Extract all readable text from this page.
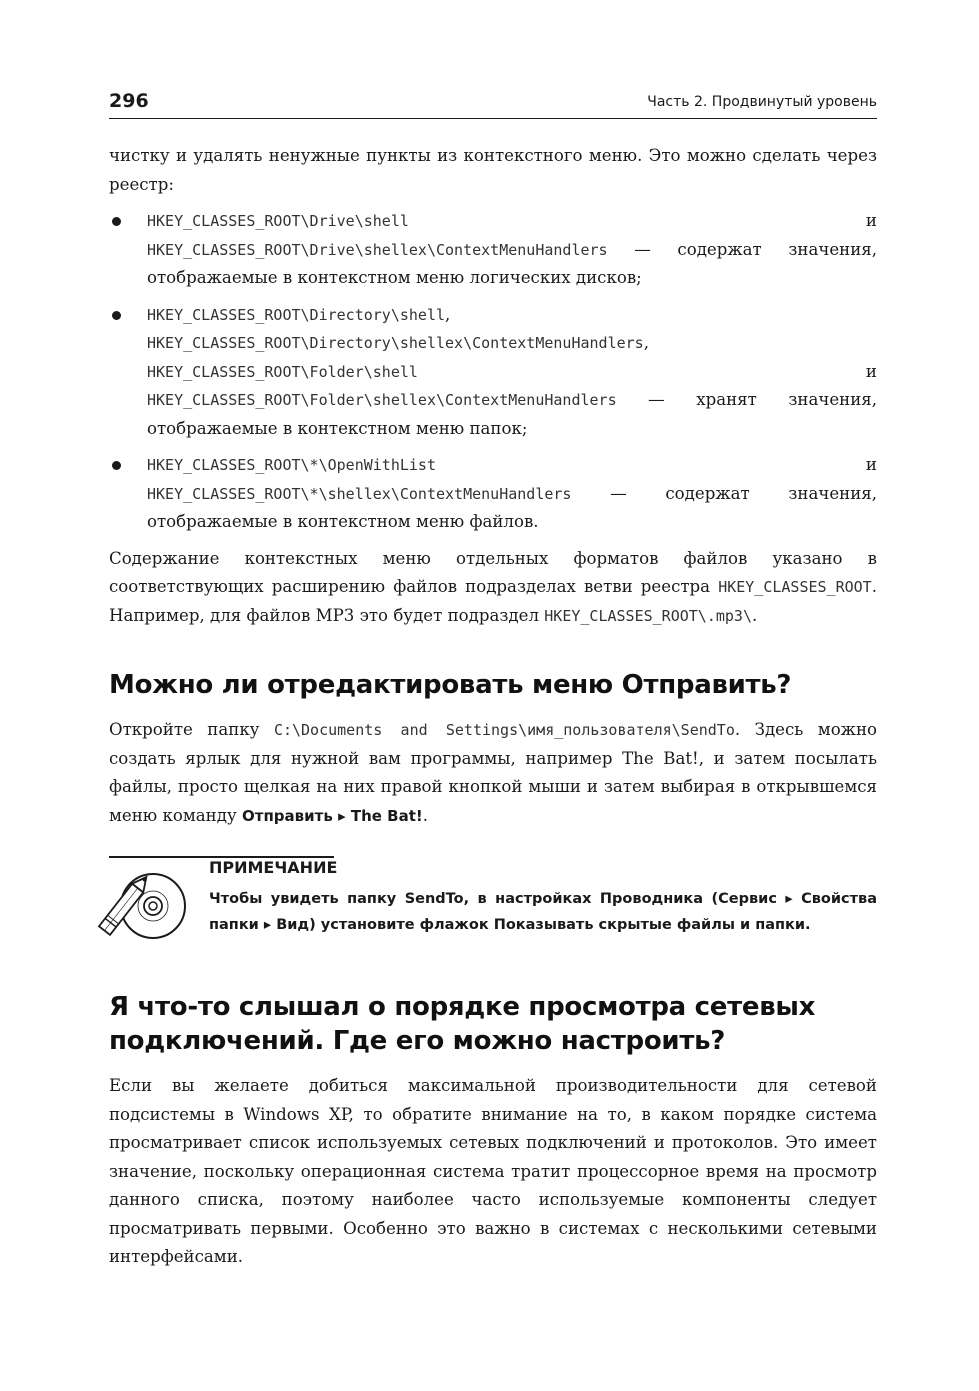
296	Часть 2. Продвинутый уровень

чистку и удалять ненужные пункты из контекстного меню. Это можно сделать через реестр:

HKEY_CLASSES_ROOT\Drive\shell и HKEY_CLASSES_ROOT\Drive\shellex\ContextMenuHandlers — содержат значения, отображаемые в контекстном меню логических дисков;
HKEY_CLASSES_ROOT\Directory\shell, HKEY_CLASSES_ROOT\Directory\shellex\ContextMenuHandlers, HKEY_CLASSES_ROOT\Folder\shell и HKEY_CLASSES_ROOT\Folder\shellex\ContextMenuHandlers — хранят значения, отображаемые в контекстном меню папок;
HKEY_CLASSES_ROOT\*\OpenWithList и HKEY_CLASSES_ROOT\*\shellex\ContextMenuHandlers — содержат значения, отображаемые в контекстном меню файлов.

Содержание контекстных меню отдельных форматов файлов указано в соответствующих расширению файлов подразделах ветви реестра HKEY_CLASSES_ROOT. Например, для файлов MP3 это будет подраздел HKEY_CLASSES_ROOT\.mp3\.

Можно ли отредактировать меню Отправить?

Откройте папку C:\Documents and Settings\имя_пользователя\SendTo. Здесь можно создать ярлык для нужной вам программы, например The Bat!, и затем посылать файлы, просто щелкая на них правой кнопкой мыши и затем выбирая в открывшемся меню команду Отправить ▸ The Bat!.

ПРИМЕЧАНИЕ
Чтобы увидеть папку SendTo, в настройках Проводника (Сервис ▸ Свойства папки ▸ Вид) установите флажок Показывать скрытые файлы и папки.
Я что-то слышал о порядке просмотра сетевых подключений. Где его можно настроить?

Если вы желаете добиться максимальной производительности для сетевой подсистемы в Windows XP, то обратите внимание на то, в каком порядке система просматривает список используемых сетевых подключений и протоколов. Это имеет значение, поскольку операционная система тратит процессорное время на просмотр данного списка, поэтому наиболее часто используемые компоненты следует просматривать первыми. Особенно это важно в системах с несколькими сетевыми интерфейсами.
